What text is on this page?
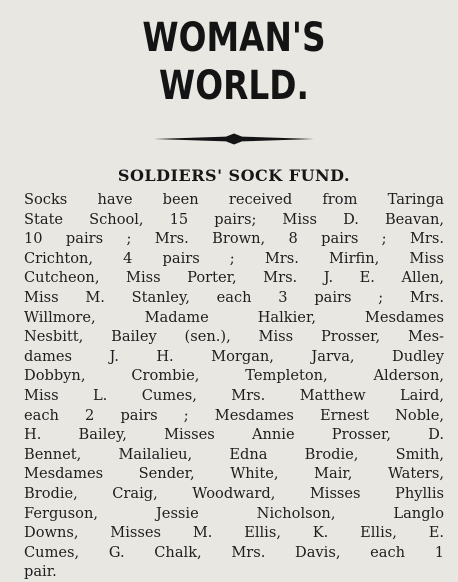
WOMAN'S WORLD.
SOLDIERS' SOCK FUND.
Socks have been received from Taringa
State School, 15 pairs; Miss D. Beavan,
10 pairs ; Mrs. Brown, 8 pairs ; Mrs.
Crichton, 4 pairs ; Mrs. Mirfin, Miss
Cutcheon, Miss Porter, Mrs. J. E. Allen,
Miss M. Stanley, each 3 pairs ; Mrs.
Willmore, Madame Halkier, Mesdames
Nesbitt, Bailey (sen.), Miss Prosser, Mes-
dames J. H. Morgan, Jarva, Dudley
Dobbyn, Crombie, Templeton, Alderson,
Miss L. Cumes, Mrs. Matthew Laird,
each 2 pairs ; Mesdames Ernest Noble,
H. Bailey, Misses Annie Prosser, D.
Bennet, Mailalieu, Edna Brodie, Smith,
Mesdames Sender, White, Mair, Waters,
Brodie, Craig, Woodward, Misses Phyllis
Ferguson, Jessie Nicholson, Langlo
Downs, Misses M. Ellis, K. Ellis, E.
Cumes, G. Chalk, Mrs. Davis, each 1
pair.
